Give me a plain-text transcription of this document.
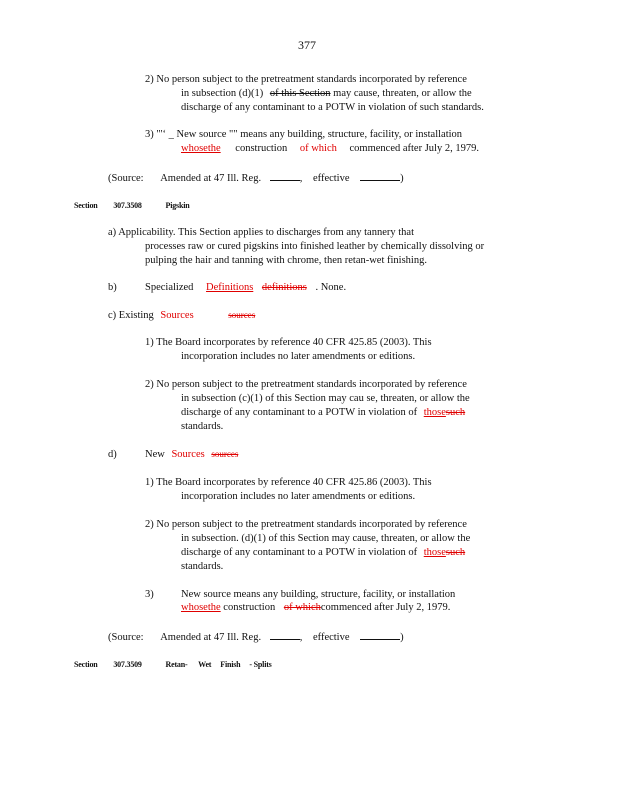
377
2) No person subject to the pretreatment standards incorporated by reference
in subsection (d)(1) of this Section may cause, threaten, or allow the
discharge of any contaminant to a POTW in violation of such standards.
3) "'‘ _ New source "" means any building, structure, facility, or installation
whosethe construction of which commenced after July 2, 1979.
(Source: Amended at 47 Ill. Reg.	, effective	)
Section 307.3508	Pigskin
a) Applicability. This Section applies to discharges from any tannery that
processes raw or cured pigskins into finished leather by chemically dissolving or
pulping the hair and tanning with chrome, then retan-wet finishing.
b)	Specialized Definitions definitions . None.
c) Existing Sources	sources
1) The Board incorporates by reference 40 CFR 425.85 (2003). This
incorporation includes no later amendments or editions.
2) No person subject to the pretreatment standards incorporated by reference
in subsection (c)(1) of this Section may cau se, threaten, or allow the
discharge of any contaminant to a POTW in violation of thosesuch
standards.
d)	New Sources sources
1) The Board incorporates by reference 40 CFR 425.86 (2003). This
incorporation includes no later amendments or editions.
2) No person subject to the pretreatment standards incorporated by reference
in subsection. (d)(1) of this Section may cause, threaten, or allow the
discharge of any contaminant to a POTW in violation of thosesuch
standards.
3)	New source means any building, structure, facility, or installation
whosethe construction of whichcommenced after July 2, 1979.
(Source: Amended at 47 Ill. Reg.	, effective	)
Section 307.3509	Retan-      Wet     Finish     - Splits
